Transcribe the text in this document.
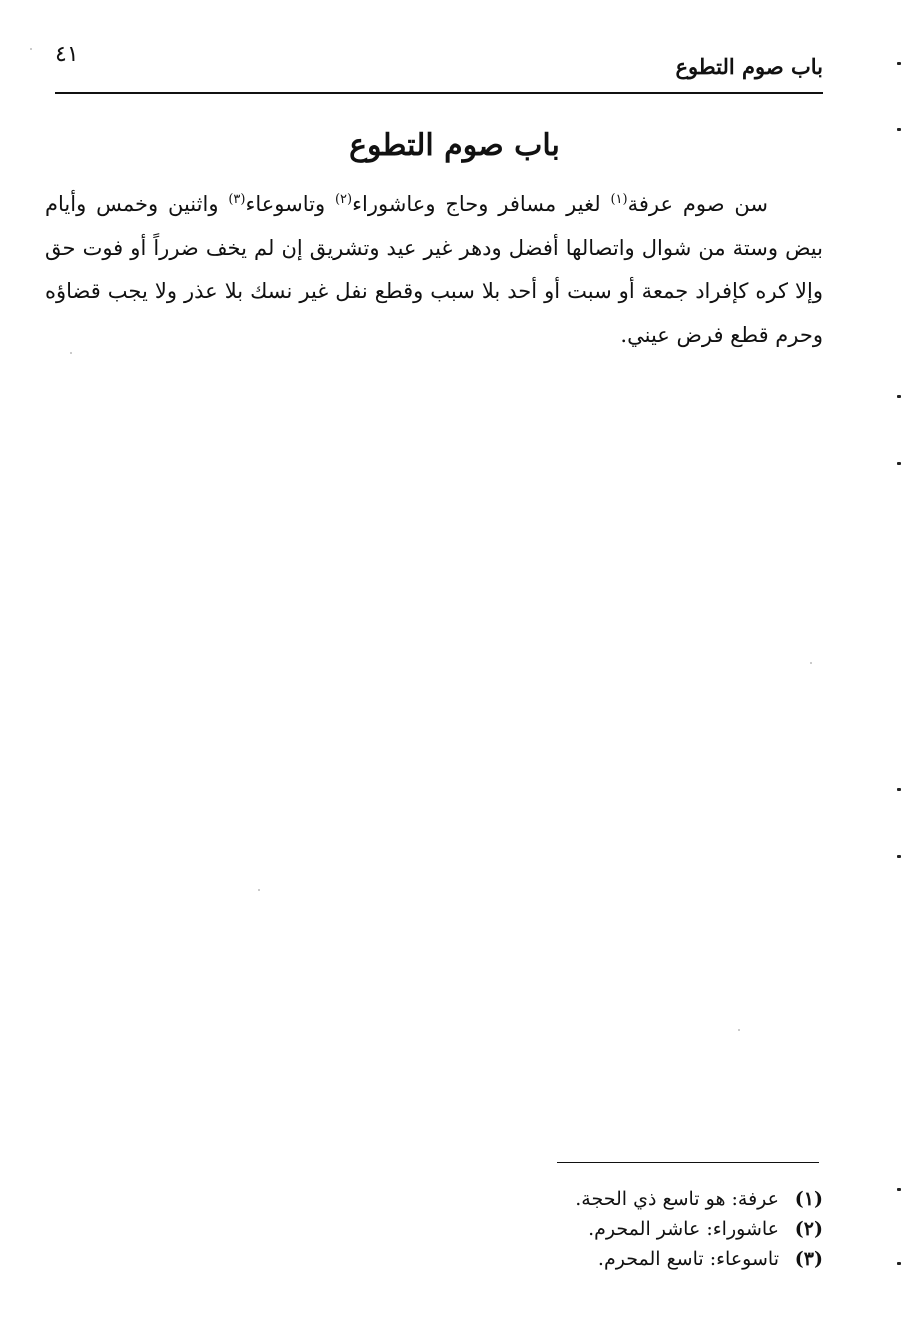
باب صوم التطوع
٤١
باب صوم التطوع
سن صوم عرفة$^{(١)}$ لغير مسافر وحاج وعاشوراء$^{(٢)}$ وتاسوعاء$^{(٣)}$ واثنين وخمس وأيام
بيض وستة من شوال واتصالها أفضل ودهر غير عيد وتشريق إن لم يخف ضرراً أو فوت حق
وإلا كره كإفراد جمعة أو سبت أو أحد بلا سبب وقطع نفل غير نسك بلا عذر ولا يجب قضاؤه
وحرم قطع فرض عيني.
(١)
عرفة: هو تاسع ذي الحجة.
(٢)
عاشوراء: عاشر المحرم.
(٣)
تاسوعاء: تاسع المحرم.
